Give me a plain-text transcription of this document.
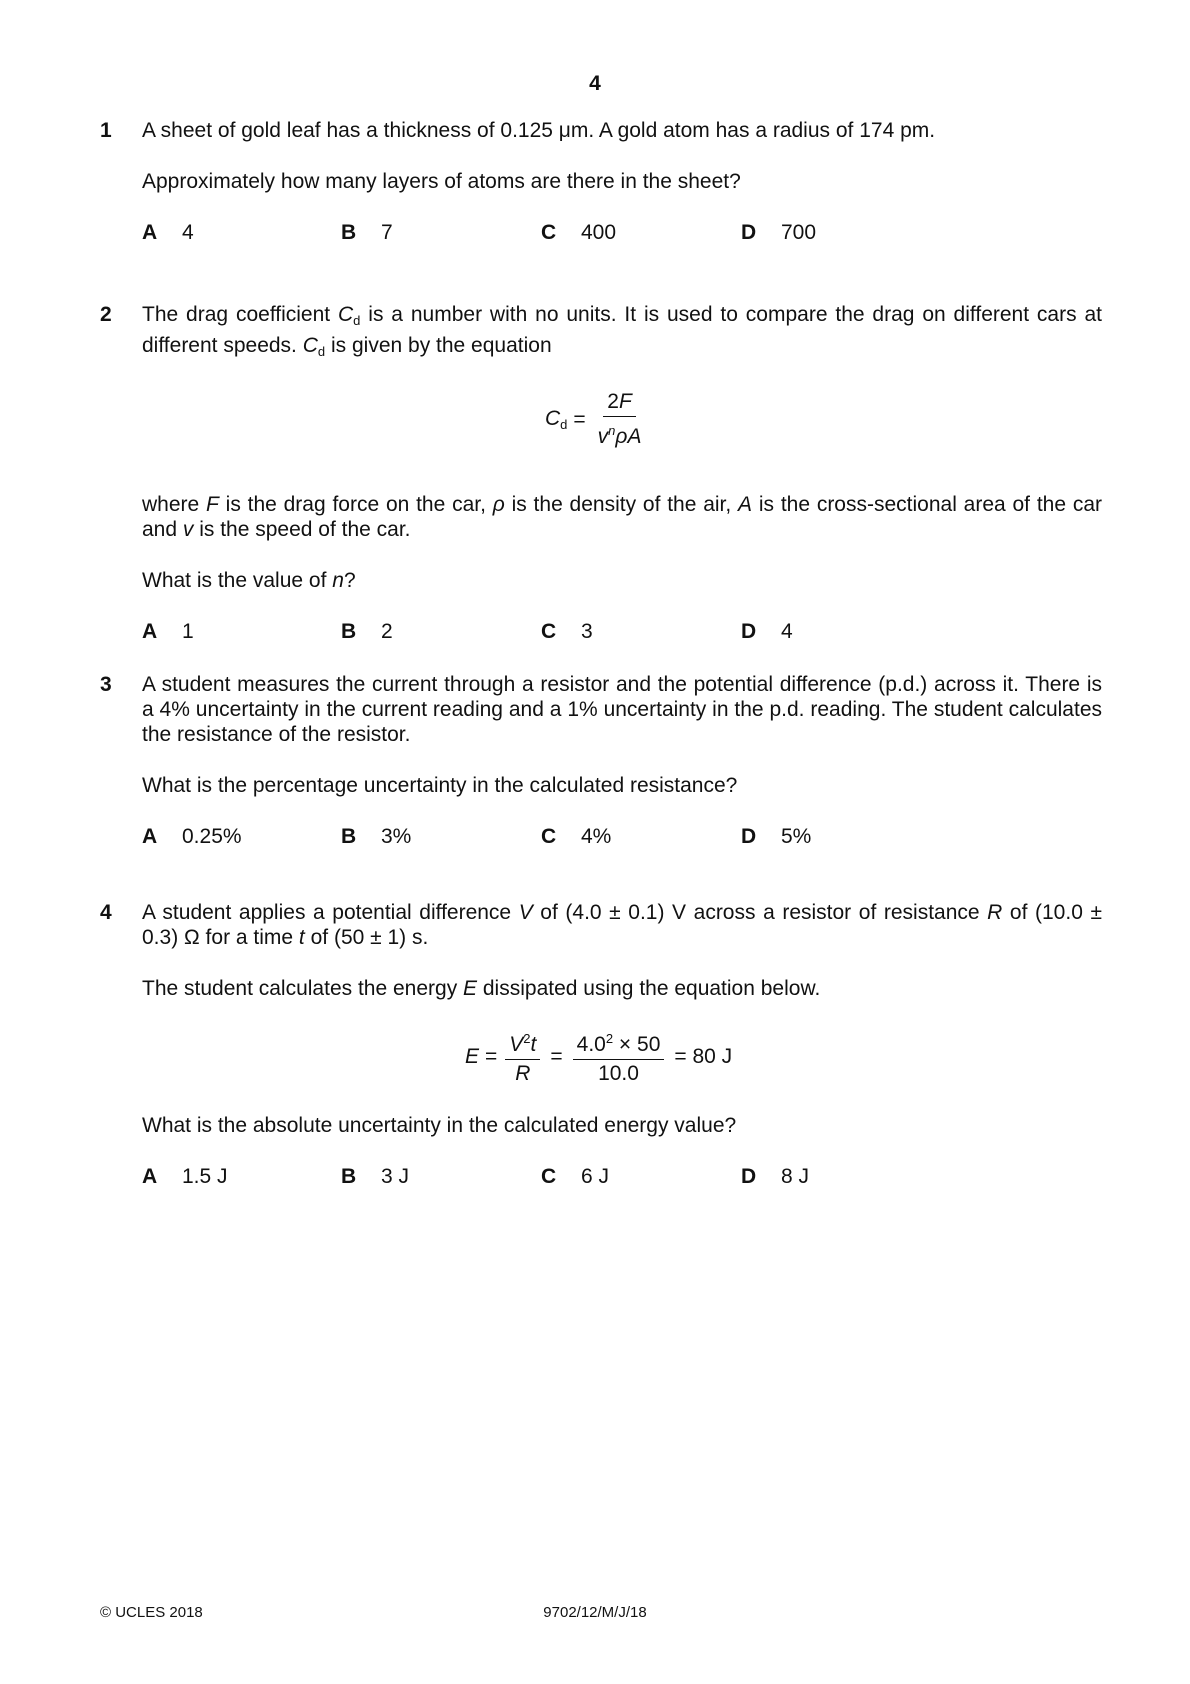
4
1 A sheet of gold leaf has a thickness of 0.125 μm. A gold atom has a radius of 174 pm.

Approximately how many layers of atoms are there in the sheet?

A 4	B 7	C 400	D 700
2 The drag coefficient $C_d$ is a number with no units. It is used to compare the drag on different cars at different speeds. $C_d$ is given by the equation

$C_d = \frac{2F}{v^n\rho A}$

where F is the drag force on the car, ρ is the density of the air, A is the cross-sectional area of the car and v is the speed of the car.

What is the value of n?

A 1	B 2	C 3	D 4
3 A student measures the current through a resistor and the potential difference (p.d.) across it. There is a 4% uncertainty in the current reading and a 1% uncertainty in the p.d. reading. The student calculates the resistance of the resistor.

What is the percentage uncertainty in the calculated resistance?

A 0.25%	B 3%	C 4%	D 5%
4 A student applies a potential difference V of (4.0 ± 0.1) V across a resistor of resistance R of (10.0 ± 0.3) Ω for a time t of (50 ± 1) s.

The student calculates the energy E dissipated using the equation below.

$E = \frac{V^2t}{R} = \frac{4.0^2 \times 50}{10.0} = 80$ J

What is the absolute uncertainty in the calculated energy value?

A 1.5 J	B 3 J	C 6 J	D 8 J
© UCLES 2018	9702/12/M/J/18
